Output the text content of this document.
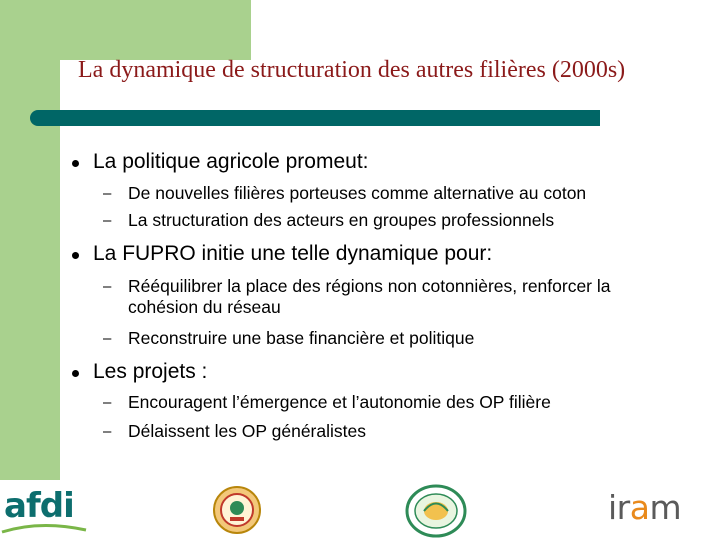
La dynamique de structuration des autres filières (2000s)
La politique agricole promeut:
– De nouvelles filières porteuses comme alternative au coton
– La structuration des acteurs en groupes professionnels
La FUPRO initie une telle dynamique pour:
– Rééquilibrer la place des régions non cotonnières, renforcer la cohésion du réseau
– Reconstruire une base financière et politique
Les projets :
– Encouragent l’émergence et l’autonomie des OP filière
– Délaissent les OP généralistes
afdi	iram
